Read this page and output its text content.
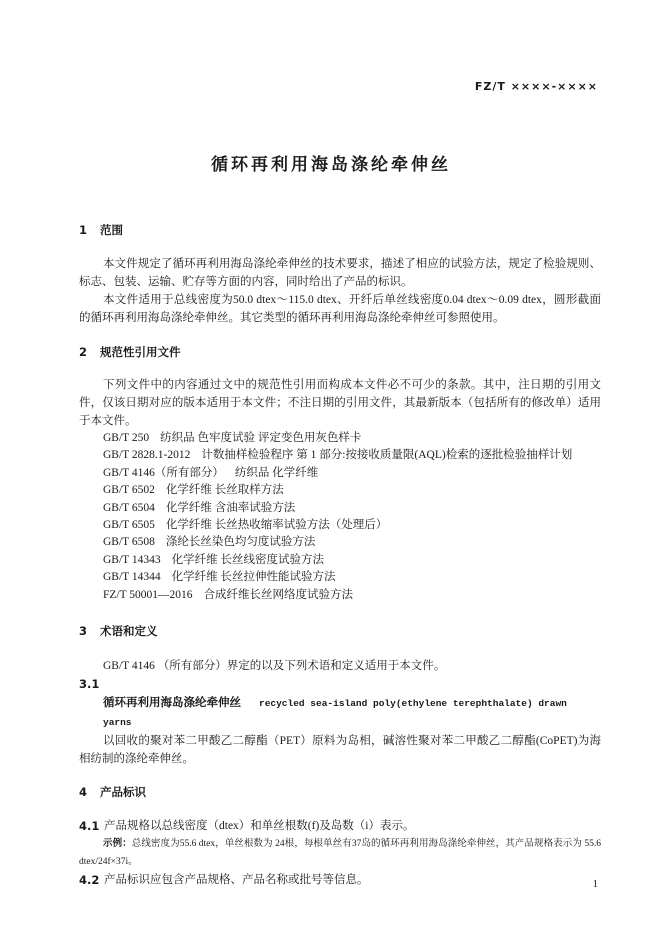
FZ/T ××××-××××
循环再利用海岛涤纶牵伸丝
1	范围

本文件规定了循环再利用海岛涤纶牵伸丝的技术要求，描述了相应的试验方法，规定了检验规则、标志、包装、运输、贮存等方面的内容，同时给出了产品的标识。

本文件适用于总线密度为50.0 dtex～115.0 dtex、开纤后单丝线密度0.04 dtex～0.09 dtex，圆形截面的循环再利用海岛涤纶牵伸丝。其它类型的循环再利用海岛涤纶牵伸丝可参照使用。

2	规范性引用文件

下列文件中的内容通过文中的规范性引用而构成本文件必不可少的条款。其中，注日期的引用文件，仅该日期对应的版本适用于本文件；不注日期的引用文件，其最新版本（包括所有的修改单）适用于本文件。

GB/T 250 纺织品 色牢度试验 评定变色用灰色样卡
GB/T 2828.1-2012 计数抽样检验程序 第 1 部分:按接收质量限(AQL)检索的逐批检验抽样计划
GB/T 4146（所有部分） 纺织品 化学纤维
GB/T 6502 化学纤维 长丝取样方法
GB/T 6504 化学纤维 含油率试验方法
GB/T 6505 化学纤维 长丝热收缩率试验方法（处理后）
GB/T 6508 涤纶长丝染色均匀度试验方法
GB/T 14343 化学纤维 长丝线密度试验方法
GB/T 14344 化学纤维 长丝拉伸性能试验方法
FZ/T 50001—2016 合成纤维长丝网络度试验方法
3	术语和定义

GB/T 4146 （所有部分）界定的以及下列术语和定义适用于本文件。

3.1
循环再利用海岛涤纶牵伸丝 recycled sea-island poly(ethylene terephthalate) drawn yarns

以回收的聚对苯二甲酸乙二醇酯（PET）原料为岛相，碱溶性聚对苯二甲酸乙二醇酯(CoPET)为海相纺制的涤纶牵伸丝。

4	产品标识
4.1 产品规格以总线密度（dtex）和单丝根数(f)及岛数（i）表示。

示例：总线密度为55.6 dtex，单丝根数为 24根，每根单丝有37岛的循环再利用海岛涤纶牵伸丝，其产品规格表示为 55.6 dtex/24f×37i。

4.2 产品标识应包含产品规格、产品名称或批号等信息。	1
